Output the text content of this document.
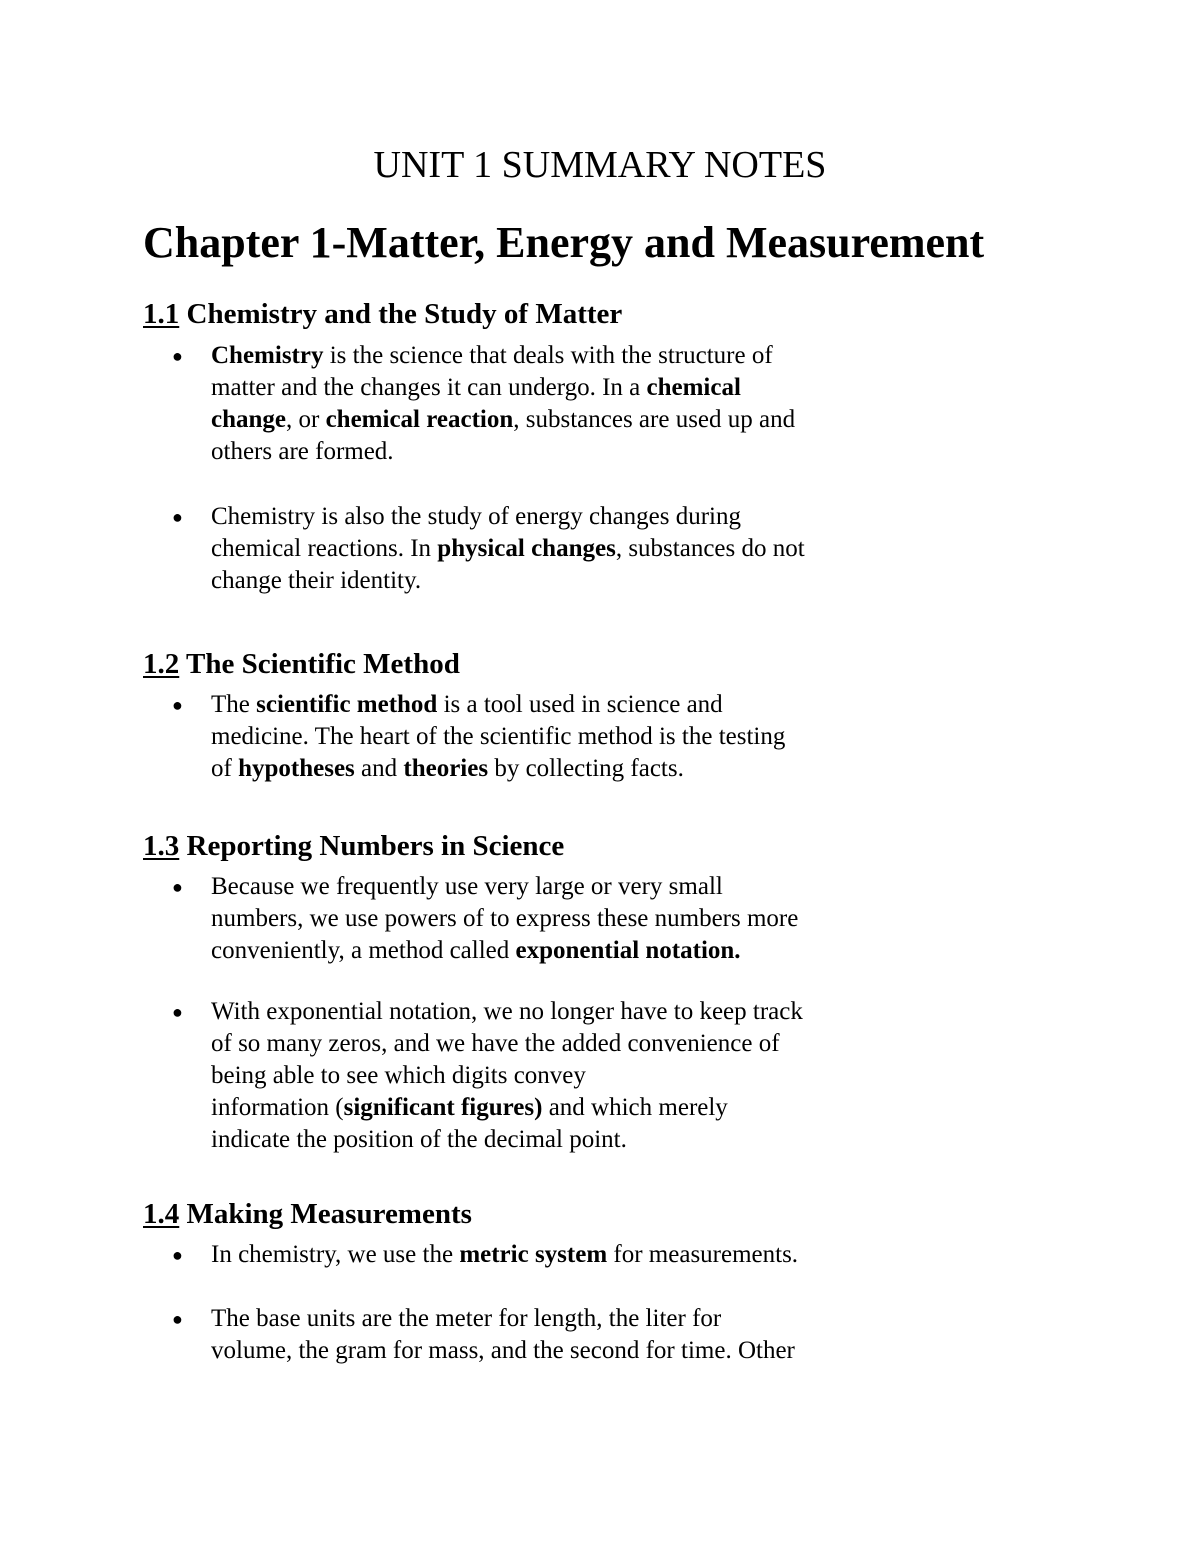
UNIT 1 SUMMARY NOTES
Chapter 1-Matter, Energy and Measurement
1.1 Chemistry and the Study of Matter
● Chemistry is the science that deals with the structure of
matter and the changes it can undergo. In a chemical
change, or chemical reaction, substances are used up and
others are formed.
● Chemistry is also the study of energy changes during
chemical reactions. In physical changes, substances do not
change their identity.
1.2 The Scientific Method
● The scientific method is a tool used in science and
medicine. The heart of the scientific method is the testing
of hypotheses and theories by collecting facts.
1.3 Reporting Numbers in Science
● Because we frequently use very large or very small
numbers, we use powers of to express these numbers more
conveniently, a method called exponential notation.
● With exponential notation, we no longer have to keep track
of so many zeros, and we have the added convenience of
being able to see which digits convey
information (significant figures) and which merely
indicate the position of the decimal point.
1.4 Making Measurements
● In chemistry, we use the metric system for measurements.
● The base units are the meter for length, the liter for
volume, the gram for mass, and the second for time. Other
